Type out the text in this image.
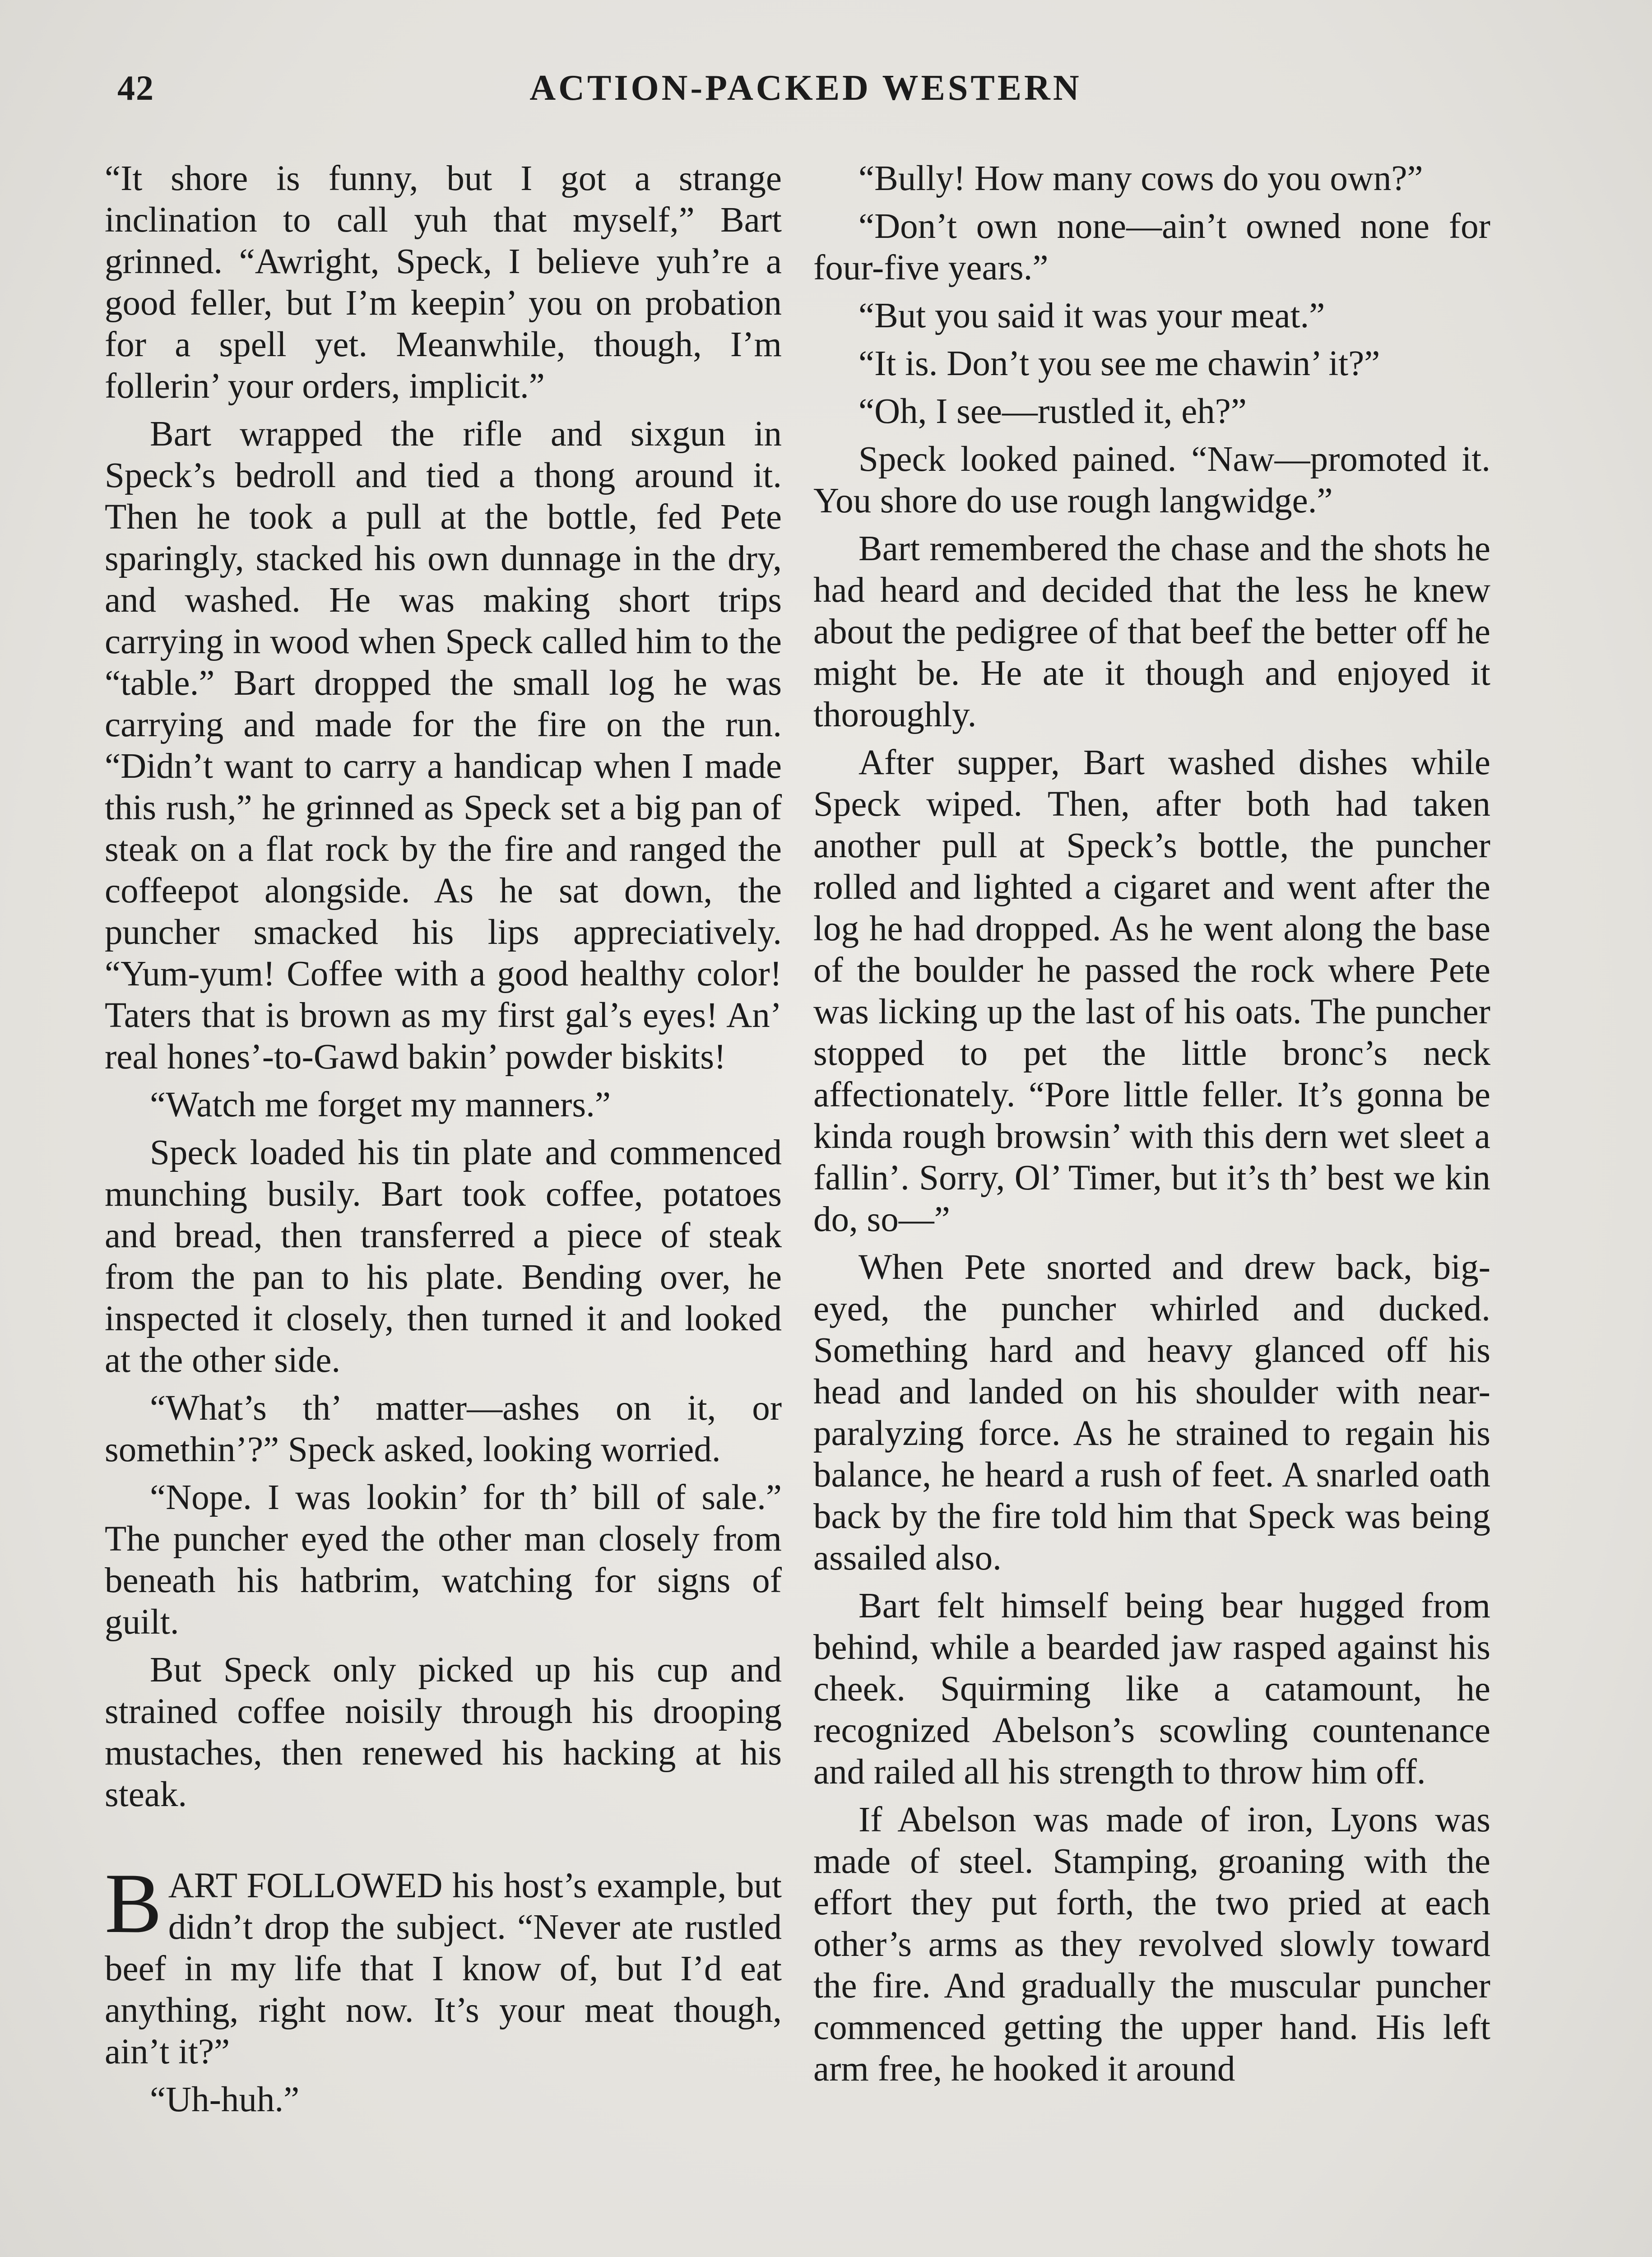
42	ACTION-PACKED WESTERN

“It shore is funny, but I got a strange inclination to call yuh that myself,” Bart grinned. “Awright, Speck, I believe yuh’re a good feller, but I’m keepin’ you on probation for a spell yet. Meanwhile, though, I’m follerin’ your orders, implicit.”

Bart wrapped the rifle and sixgun in Speck’s bedroll and tied a thong around it. Then he took a pull at the bottle, fed Pete sparingly, stacked his own dunnage in the dry, and washed. He was making short trips carrying in wood when Speck called him to the “table.” Bart dropped the small log he was carrying and made for the fire on the run. “Didn’t want to carry a handicap when I made this rush,” he grinned as Speck set a big pan of steak on a flat rock by the fire and ranged the coffeepot alongside. As he sat down, the puncher smacked his lips appreciatively. “Yum-yum! Coffee with a good healthy color! Taters that is brown as my first gal’s eyes! An’ real hones’-to-Gawd bakin’ powder biskits!

“Watch me forget my manners.”

Speck loaded his tin plate and commenced munching busily. Bart took coffee, potatoes and bread, then transferred a piece of steak from the pan to his plate. Bending over, he inspected it closely, then turned it and looked at the other side.

“What’s th’ matter—ashes on it, or somethin’?” Speck asked, looking worried.

“Nope. I was lookin’ for th’ bill of sale.” The puncher eyed the other man closely from beneath his hatbrim, watching for signs of guilt.

But Speck only picked up his cup and strained coffee noisily through his drooping mustaches, then renewed his hacking at his steak.

BART FOLLOWED his host’s example, but didn’t drop the subject. “Never ate rustled beef in my life that I know of, but I’d eat anything, right now. It’s your meat though, ain’t it?”

“Uh-huh.”

“Bully! How many cows do you own?”

“Don’t own none—ain’t owned none for four-five years.”

“But you said it was your meat.”

“It is. Don’t you see me chawin’ it?”

“Oh, I see—rustled it, eh?”

Speck looked pained. “Naw—promoted it. You shore do use rough langwidge.”

Bart remembered the chase and the shots he had heard and decided that the less he knew about the pedigree of that beef the better off he might be. He ate it though and enjoyed it thoroughly.

After supper, Bart washed dishes while Speck wiped. Then, after both had taken another pull at Speck’s bottle, the puncher rolled and lighted a cigaret and went after the log he had dropped. As he went along the base of the boulder he passed the rock where Pete was licking up the last of his oats. The puncher stopped to pet the little bronc’s neck affectionately. “Pore little feller. It’s gonna be kinda rough browsin’ with this dern wet sleet a fallin’. Sorry, Ol’ Timer, but it’s th’ best we kin do, so—”

When Pete snorted and drew back, big-eyed, the puncher whirled and ducked. Something hard and heavy glanced off his head and landed on his shoulder with near-paralyzing force. As he strained to regain his balance, he heard a rush of feet. A snarled oath back by the fire told him that Speck was being assailed also.

Bart felt himself being bear hugged from behind, while a bearded jaw rasped against his cheek. Squirming like a catamount, he recognized Abelson’s scowling countenance and railed all his strength to throw him off.

If Abelson was made of iron, Lyons was made of steel. Stamping, groaning with the effort they put forth, the two pried at each other’s arms as they revolved slowly toward the fire. And gradually the muscular puncher commenced getting the upper hand. His left arm free, he hooked it around
